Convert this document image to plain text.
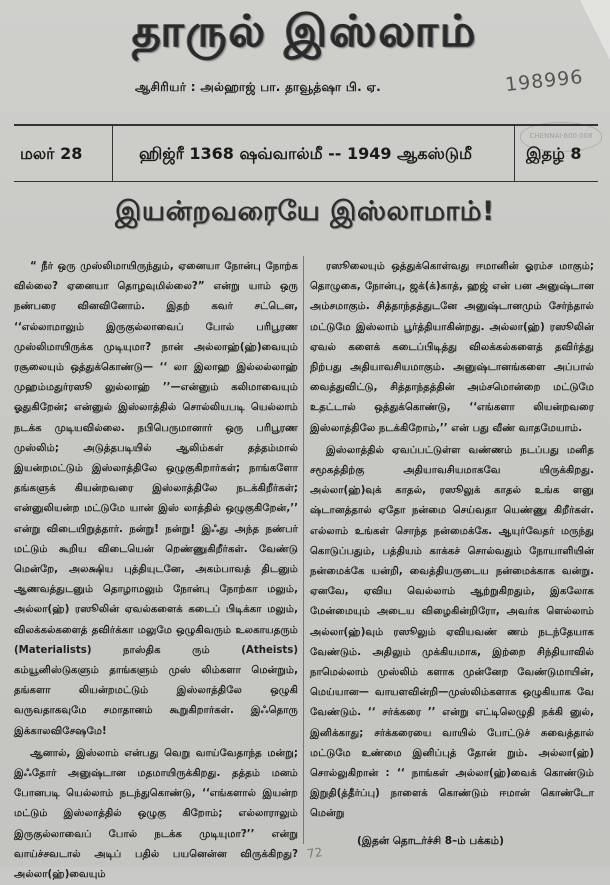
தாருல் இஸ்லாம்
ஆசிரியர் : அல்ஹாஜ் பா. தாவூத்ஷா பி. ஏ.	198996
CHENNAI·600 008
மலர் 28	ஹிஜ்ரீ 1368 ஷவ்வால்மீ -- 1949 ஆகஸ்டுமீ	இதழ் 8
இயன்றவரையே இஸ்லாமாம்!

“ நீர் ஒரு முஸ்லிமாயிருந்தும், ஏனையா நோன்பு நோற்க வில்லை? ஏனையா தொழவுமில்லை?” என்று யாம் ஒரு நண்பரை வினவினோம். இதற் கவர் சட்டென, ‘‘எல்லாமாலும் இருகுல்லாவைப் போல் பரிபூரண முஸ்லிமாயிருக்க முடியுமா? நான் அல்லாஹ்(ஹ்)வையும் ரசூலையும் ஒத்துக்கொண்டு— ‘‘ லா இலாஹ இல்லல்லாஹ் முஹம்மதுர்ரஸூ லுல்லாஹ் ’’—என்னும் கலிமாவையும் ஓதுகிறேன்; என்னுல் இஸ்லாத்தில் சொல்லியபடி யெல்லாம் நடக்க முடியவில்லை. நபிபெருமானார் ஒரு பரிபூரண முஸ்லிம்; அடுத்தபடியில் ஆலிம்கள் தத்தம்மால் இயன்றமட்டும் இஸ்லாத்திலே ஒழுகுகிறார்கள்; நாங்களோ தங்களுக் கியன்றவரை இஸ்லாத்திலே நடக்கிறீர்கள்; என்னுலியன்ற மட்டுமே யான் இஸ் லாத்தில் ஒழுகுகிறேன்,’’ என்று விடையிறுத்தார். நன்று! நன்று! இஃது அந்த நண்பர் மட்டும் கூறிய விடையென் றெண்ணுகிறீர்கள். வேண்டு மென்றே, அலக்ஷிய புத்தியுடனே, அகம்பாவத் திடனும் ஆணவத்துடனும் தொழாமலும் நோன்பு நோற்கா மலும், அல்லா(ஹ்) ரஸூலின் ஏவல்களைக் கடைப் பிடிக்கா மலும், விலக்கல்களைத் தவிர்க்கா மலுமே ஒழுகிவரும் உலகாயதரும் (Materialists) நாஸ்திக ரும் (Atheists) கம்யூனிஸ்டுகளும் தாங்களும் முஸ் லிம்களா மென்றும், தங்களா லியன்றமட்டும் இஸ்லாத்திலே ஒழுகி வருவதாகவுமே சமாதானம் கூறுகிறார்கள். இஃதொரு இக்காலவிசேஷமே!

ஆனால், இஸ்லாம் என்பது வெறு வாய்வேதாந்த மன்று; இஃதோர் அனுஷ்டான மதமாயிருக்கிறது. தத்தம் மனம் போனபடி யெல்லாம் நடந்துகொண்டு, ‘‘எங்களால் இயன்ற மட்டும் இஸ்லாத்தில் ஒழுகு கிறோம்; எல்லாராலும் இருகுல்லாவைப் போல் நடக்க முடியுமா?’’ என்று வாய்ச்சவடால் அடிப் பதில் பயனென்ன விருக்கிறது? அல்லா(ஹ்)வையும்

ரஸூலையும் ஒத்துக்கொள்வது ஈமானின் ஓரம்ச மாகும்; தொழுகை, நோன்பு, ஜக்(க்)காத், ஹஜ் என் பன அனுஷ்டான அம்சமாகும். சித்தாந்தத்துடனே அனுஷ்டானமும் சேர்ந்தால் மட்டுமே இஸ்லாம் பூர்த்தியாகின்றது. அல்லா(ஹ்) ரஸூலின் ஏவல் களைக் கடைப்பிடித்து விலக்கல்களைத் தவிர்த்து நிற்பது அதியாவசியமாகும். அனுஷ்டானங்களை அப்பால் வைத்துவிட்டு, சித்தாந்தத்தின் அம்சமொன்றை மட்டுமே உதட்டால் ஒத்துக்கொண்டு, ‘‘எங்களா லியன்றவரை இஸ்லாத்திலே நடக்கிறோம்,’’ என் பது வீண் வாதமேயாம்.

இஸ்லாத்தில் ஏவப்பட்டுள்ள வண்ணம் நடப்பது மனித சமூகத்திற்கு அதியாவசியமாகவே யிருக்கிறது. அல்லா(ஹ்)வுக் காதல், ரஸூலுக் காதல் உங்க ளனு ஷ்டானத்தால் ஏதோ நன்மை செய்வதா யெண்ணு கிறீர்கள். எல்லாம் உங்கள் சொந்த நன்மைக்கே. ஆயுர்வேதர் மருந்து கொடுப்பதும், பத்தியம் காக்கச் சொல்வதும் நோயாளியின் நன்மைக்கே யன்றி, வைத்தியருடைய நன்மைக்காக வன்று. ஏனவே, ஏவிய வெல்லாம் ஆற்றுகிறதும், இகலோக மேன்மையும் அடைய விழைகின்றிரோ, அவர்க ளெல்லாம் அல்லா(ஹ்)வும் ரஸூலும் ஏவியவண் ணம் நடந்தேயாக வேண்டும். அதிலும் முக்கியமாக, இற்றை சிந்தியாவில் நாமெல்லாம் முஸ்லிம் களாக முன்னேற வேண்டுமாயின், மெய்யான— வாயளவின்றி—முஸ்லிம்களாக ஒழுகியாக வே வேண்டும். ‘‘ சர்க்கரை ’’ என்று எட்டிலெழுதி நக்கி னுல், இனிக்காது; சர்க்கரையை வாயில் போட்டுச் சுவைத்தால் மட்டுமே உண்மை இனிப்புத் தோன் றும். அல்லா(ஹ்) சொல்லுகிறான் : ‘‘ நாங்கள் அல்லா(ஹ்)வைக் கொண்டும் இறுதி(த்தீர்ப்பு) நாளைக் கொண்டும் ஈமான் கொண்டோ மென்று

(இதன் தொடர்ச்சி 8–ம் பக்கம்)
72
